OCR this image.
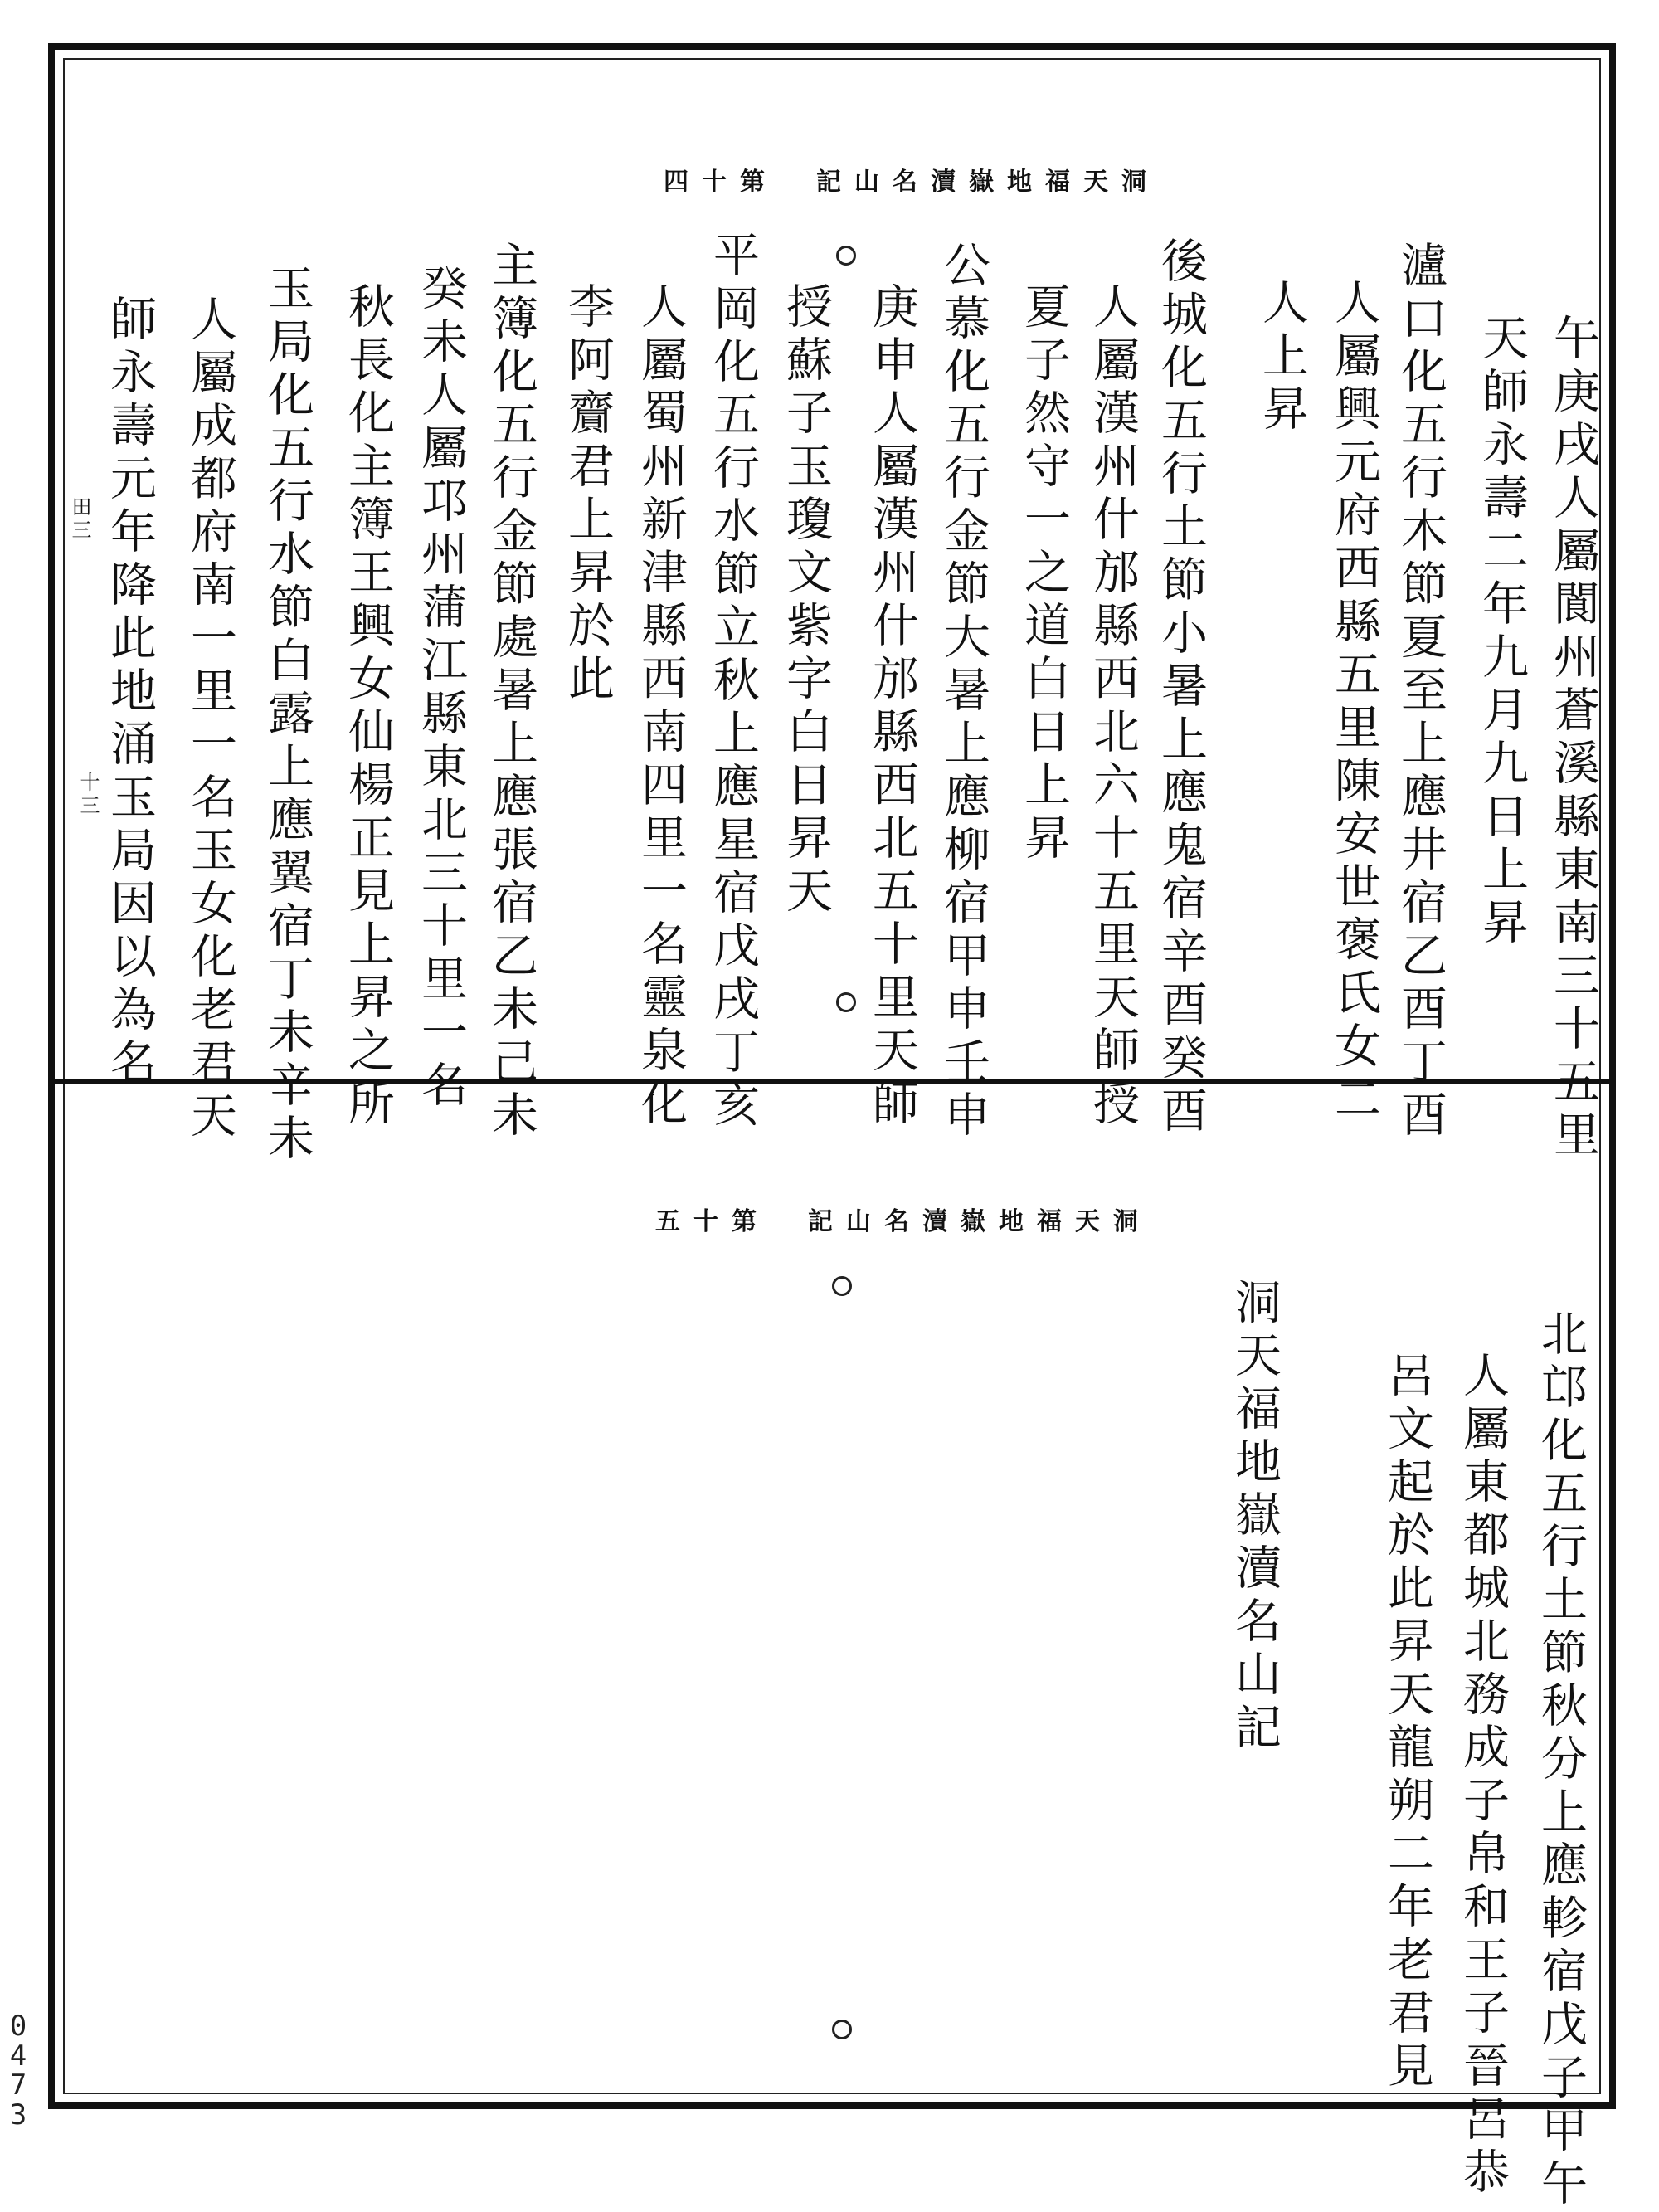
洞天福地嶽瀆名山記　第十四
午庚戌人屬閬州蒼溪縣東南三十五里
天師永壽二年九月九日上昇
瀘口化五行木節夏至上應井宿乙酉丁酉
人屬興元府西縣五里陳安世褒氏女二
人上昇
後城化五行土節小暑上應鬼宿辛酉癸酉
人屬漢州什邡縣西北六十五里天師授
夏子然守一之道白日上昇
公慕化五行金節大暑上應柳宿甲申壬申
庚申人屬漢州什邡縣西北五十里天師
授蘇子玉瓊文紫字白日昇天
平岡化五行水節立秋上應星宿戊戌丁亥
人屬蜀州新津縣西南四里一名靈泉化
李阿齎君上昇於此
主簿化五行金節處暑上應張宿乙未己未
癸未人屬邛州蒲江縣東北三十里一名
秋長化主簿王興女仙楊正見上昇之所
玉局化五行水節白露上應翼宿丁未辛未
人屬成都府南一里一名玉女化老君天
師永壽元年降此地涌玉局因以為名
田三
十三
洞天福地嶽瀆名山記　第十五
北邙化五行土節秋分上應軫宿戊子甲午
人屬東都城北務成子帛和王子晉呂恭
呂文起於此昇天龍朔二年老君見
洞天福地嶽瀆名山記
0473
